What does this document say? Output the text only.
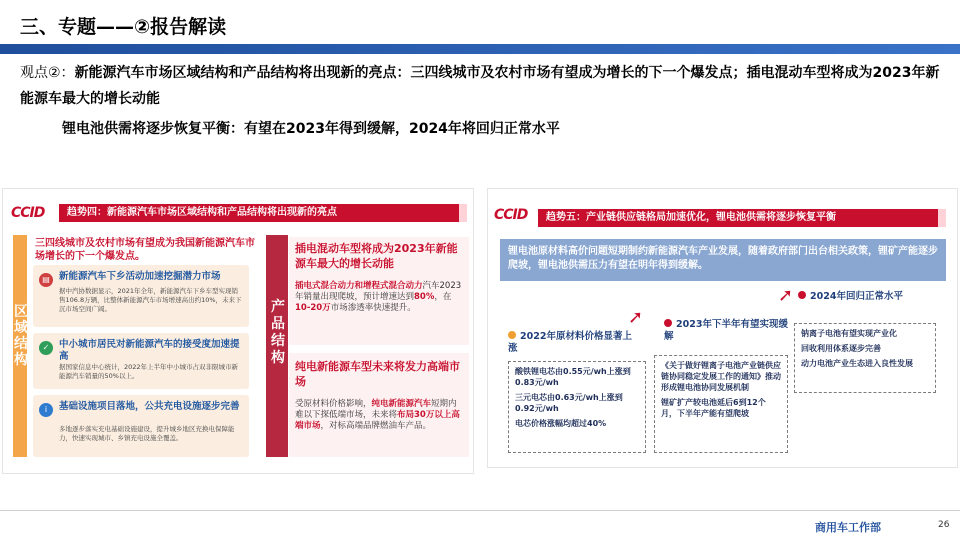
三、专题——②报告解读
观点②：新能源汽车市场区域结构和产品结构将出现新的亮点：三四线城市及农村市场有望成为增长的下一个爆发点；插电混动车型将成为2023年新能源车最大的增长动能
锂电池供需将逐步恢复平衡：有望在2023年得到缓解，2024年将回归正常水平
CCID	趋势四：新能源汽车市场区域结构和产品结构将出现新的亮点
区域结构
三四线城市及农村市场有望成为我国新能源汽车市场增长的下一个爆发点。
▤ 新能源汽车下乡活动加速挖掘潜力市场
据中汽协数据显示，2021年全年，新能源汽车下乡车型实现销售106.8万辆，比整体新能源汽车市场增速高出约10%，未来下沉市场空间广阔。
✓	中小城市居民对新能源汽车的接受度加速提高
据国家信息中心统计，2022年上半年中小城市占双非限城市新能源汽车销量的50%以上。
i	基础设施项目落地，公共充电设施逐步完善
多地逐步落实充电基础设施建设，提升城乡地区充换电保障能力，快速实现城市、乡镇充电设施全覆盖。
产品结构
插电混动车型将成为2023年新能源车最大的增长动能
插电式混合动力和增程式混合动力汽车2023年销量出现爬坡，预计增速达到80%，在10-20万市场渗透率快速提升。
纯电新能源车型未来将发力高端市场
受原材料价格影响，纯电新能源汽车短期内难以下探低端市场，未来将布局30万以上高端市场，对标高端品牌燃油车产品。
CCID	趋势五：产业链供应链格局加速优化，锂电池供需将逐步恢复平衡
锂电池原材料高价问题短期制约新能源汽车产业发展，随着政府部门出台相关政策，锂矿产能逐步爬坡，锂电池供需压力有望在明年得到缓解。
2022年原材料价格显著上涨

酸铁锂电芯由0.55元/wh上涨到0.83元/wh

三元电芯由0.63元/wh上涨到0.92元/wh

电芯价格涨幅均超过40%

➚	2023年下半年有望实现缓解

《关于做好锂离子电池产业链供应链协同稳定发展工作的通知》推动形成锂电池协同发展机制

锂矿扩产较电池延后6到12个月，下半年产能有望爬坡

➚	2024年回归正常水平

钠离子电池有望实现产业化

回收利用体系逐步完善

动力电池产业生态进入良性发展

商用车工作部	26
